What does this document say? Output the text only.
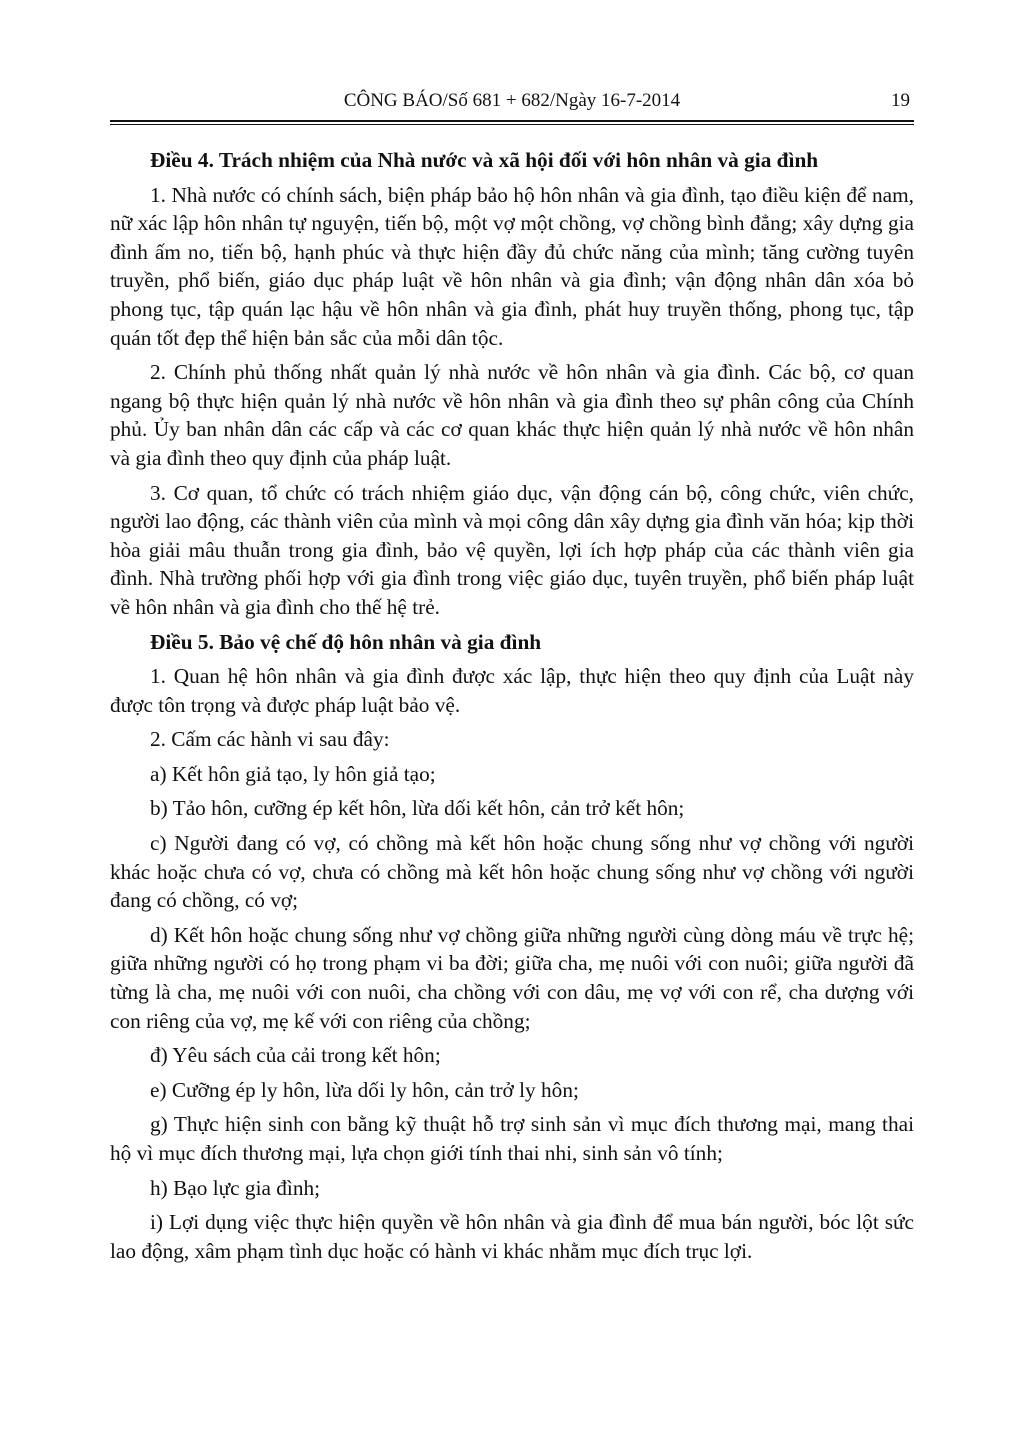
CÔNG BÁO/Số 681 + 682/Ngày 16-7-2014	19

Điều 4. Trách nhiệm của Nhà nước và xã hội đối với hôn nhân và gia đình

1. Nhà nước có chính sách, biện pháp bảo hộ hôn nhân và gia đình, tạo điều kiện để nam, nữ xác lập hôn nhân tự nguyện, tiến bộ, một vợ một chồng, vợ chồng bình đẳng; xây dựng gia đình ấm no, tiến bộ, hạnh phúc và thực hiện đầy đủ chức năng của mình; tăng cường tuyên truyền, phổ biến, giáo dục pháp luật về hôn nhân và gia đình; vận động nhân dân xóa bỏ phong tục, tập quán lạc hậu về hôn nhân và gia đình, phát huy truyền thống, phong tục, tập quán tốt đẹp thể hiện bản sắc của mỗi dân tộc.

2. Chính phủ thống nhất quản lý nhà nước về hôn nhân và gia đình. Các bộ, cơ quan ngang bộ thực hiện quản lý nhà nước về hôn nhân và gia đình theo sự phân công của Chính phủ. Ủy ban nhân dân các cấp và các cơ quan khác thực hiện quản lý nhà nước về hôn nhân và gia đình theo quy định của pháp luật.

3. Cơ quan, tổ chức có trách nhiệm giáo dục, vận động cán bộ, công chức, viên chức, người lao động, các thành viên của mình và mọi công dân xây dựng gia đình văn hóa; kịp thời hòa giải mâu thuẫn trong gia đình, bảo vệ quyền, lợi ích hợp pháp của các thành viên gia đình. Nhà trường phối hợp với gia đình trong việc giáo dục, tuyên truyền, phổ biến pháp luật về hôn nhân và gia đình cho thế hệ trẻ.

Điều 5. Bảo vệ chế độ hôn nhân và gia đình

1. Quan hệ hôn nhân và gia đình được xác lập, thực hiện theo quy định của Luật này được tôn trọng và được pháp luật bảo vệ.

2. Cấm các hành vi sau đây:

a) Kết hôn giả tạo, ly hôn giả tạo;

b) Tảo hôn, cưỡng ép kết hôn, lừa dối kết hôn, cản trở kết hôn;

c) Người đang có vợ, có chồng mà kết hôn hoặc chung sống như vợ chồng với người khác hoặc chưa có vợ, chưa có chồng mà kết hôn hoặc chung sống như vợ chồng với người đang có chồng, có vợ;

d) Kết hôn hoặc chung sống như vợ chồng giữa những người cùng dòng máu về trực hệ; giữa những người có họ trong phạm vi ba đời; giữa cha, mẹ nuôi với con nuôi; giữa người đã từng là cha, mẹ nuôi với con nuôi, cha chồng với con dâu, mẹ vợ với con rể, cha dượng với con riêng của vợ, mẹ kế với con riêng của chồng;

đ) Yêu sách của cải trong kết hôn;

e) Cưỡng ép ly hôn, lừa dối ly hôn, cản trở ly hôn;

g) Thực hiện sinh con bằng kỹ thuật hỗ trợ sinh sản vì mục đích thương mại, mang thai hộ vì mục đích thương mại, lựa chọn giới tính thai nhi, sinh sản vô tính;

h) Bạo lực gia đình;

i) Lợi dụng việc thực hiện quyền về hôn nhân và gia đình để mua bán người, bóc lột sức lao động, xâm phạm tình dục hoặc có hành vi khác nhằm mục đích trục lợi.
